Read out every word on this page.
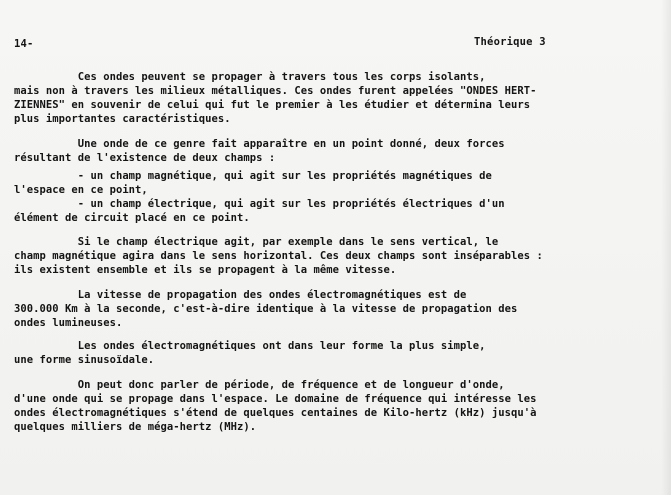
14-	Théorique 3
Ces ondes peuvent se propager à travers tous les corps isolants,
mais non à travers les milieux métalliques. Ces ondes furent appelées "ONDES HERT-
ZIENNES" en souvenir de celui qui fut le premier à les étudier et détermina leurs
plus importantes caractéristiques.
Une onde de ce genre fait apparaître en un point donné, deux forces
résultant de l'existence de deux champs :
- un champ magnétique, qui agit sur les propriétés magnétiques de
l'espace en ce point,
- un champ électrique, qui agit sur les propriétés électriques d'un
élément de circuit placé en ce point.
Si le champ électrique agit, par exemple dans le sens vertical, le
champ magnétique agira dans le sens horizontal. Ces deux champs sont inséparables :
ils existent ensemble et ils se propagent à la même vitesse.
La vitesse de propagation des ondes électromagnétiques est de
300.000 Km à la seconde, c'est-à-dire identique à la vitesse de propagation des
ondes lumineuses.
Les ondes électromagnétiques ont dans leur forme la plus simple,
une forme sinusoïdale.
On peut donc parler de période, de fréquence et de longueur d'onde,
d'une onde qui se propage dans l'espace. Le domaine de fréquence qui intéresse les
ondes électromagnétiques s'étend de quelques centaines de Kilo-hertz (kHz) jusqu'à
quelques milliers de méga-hertz (MHz).
